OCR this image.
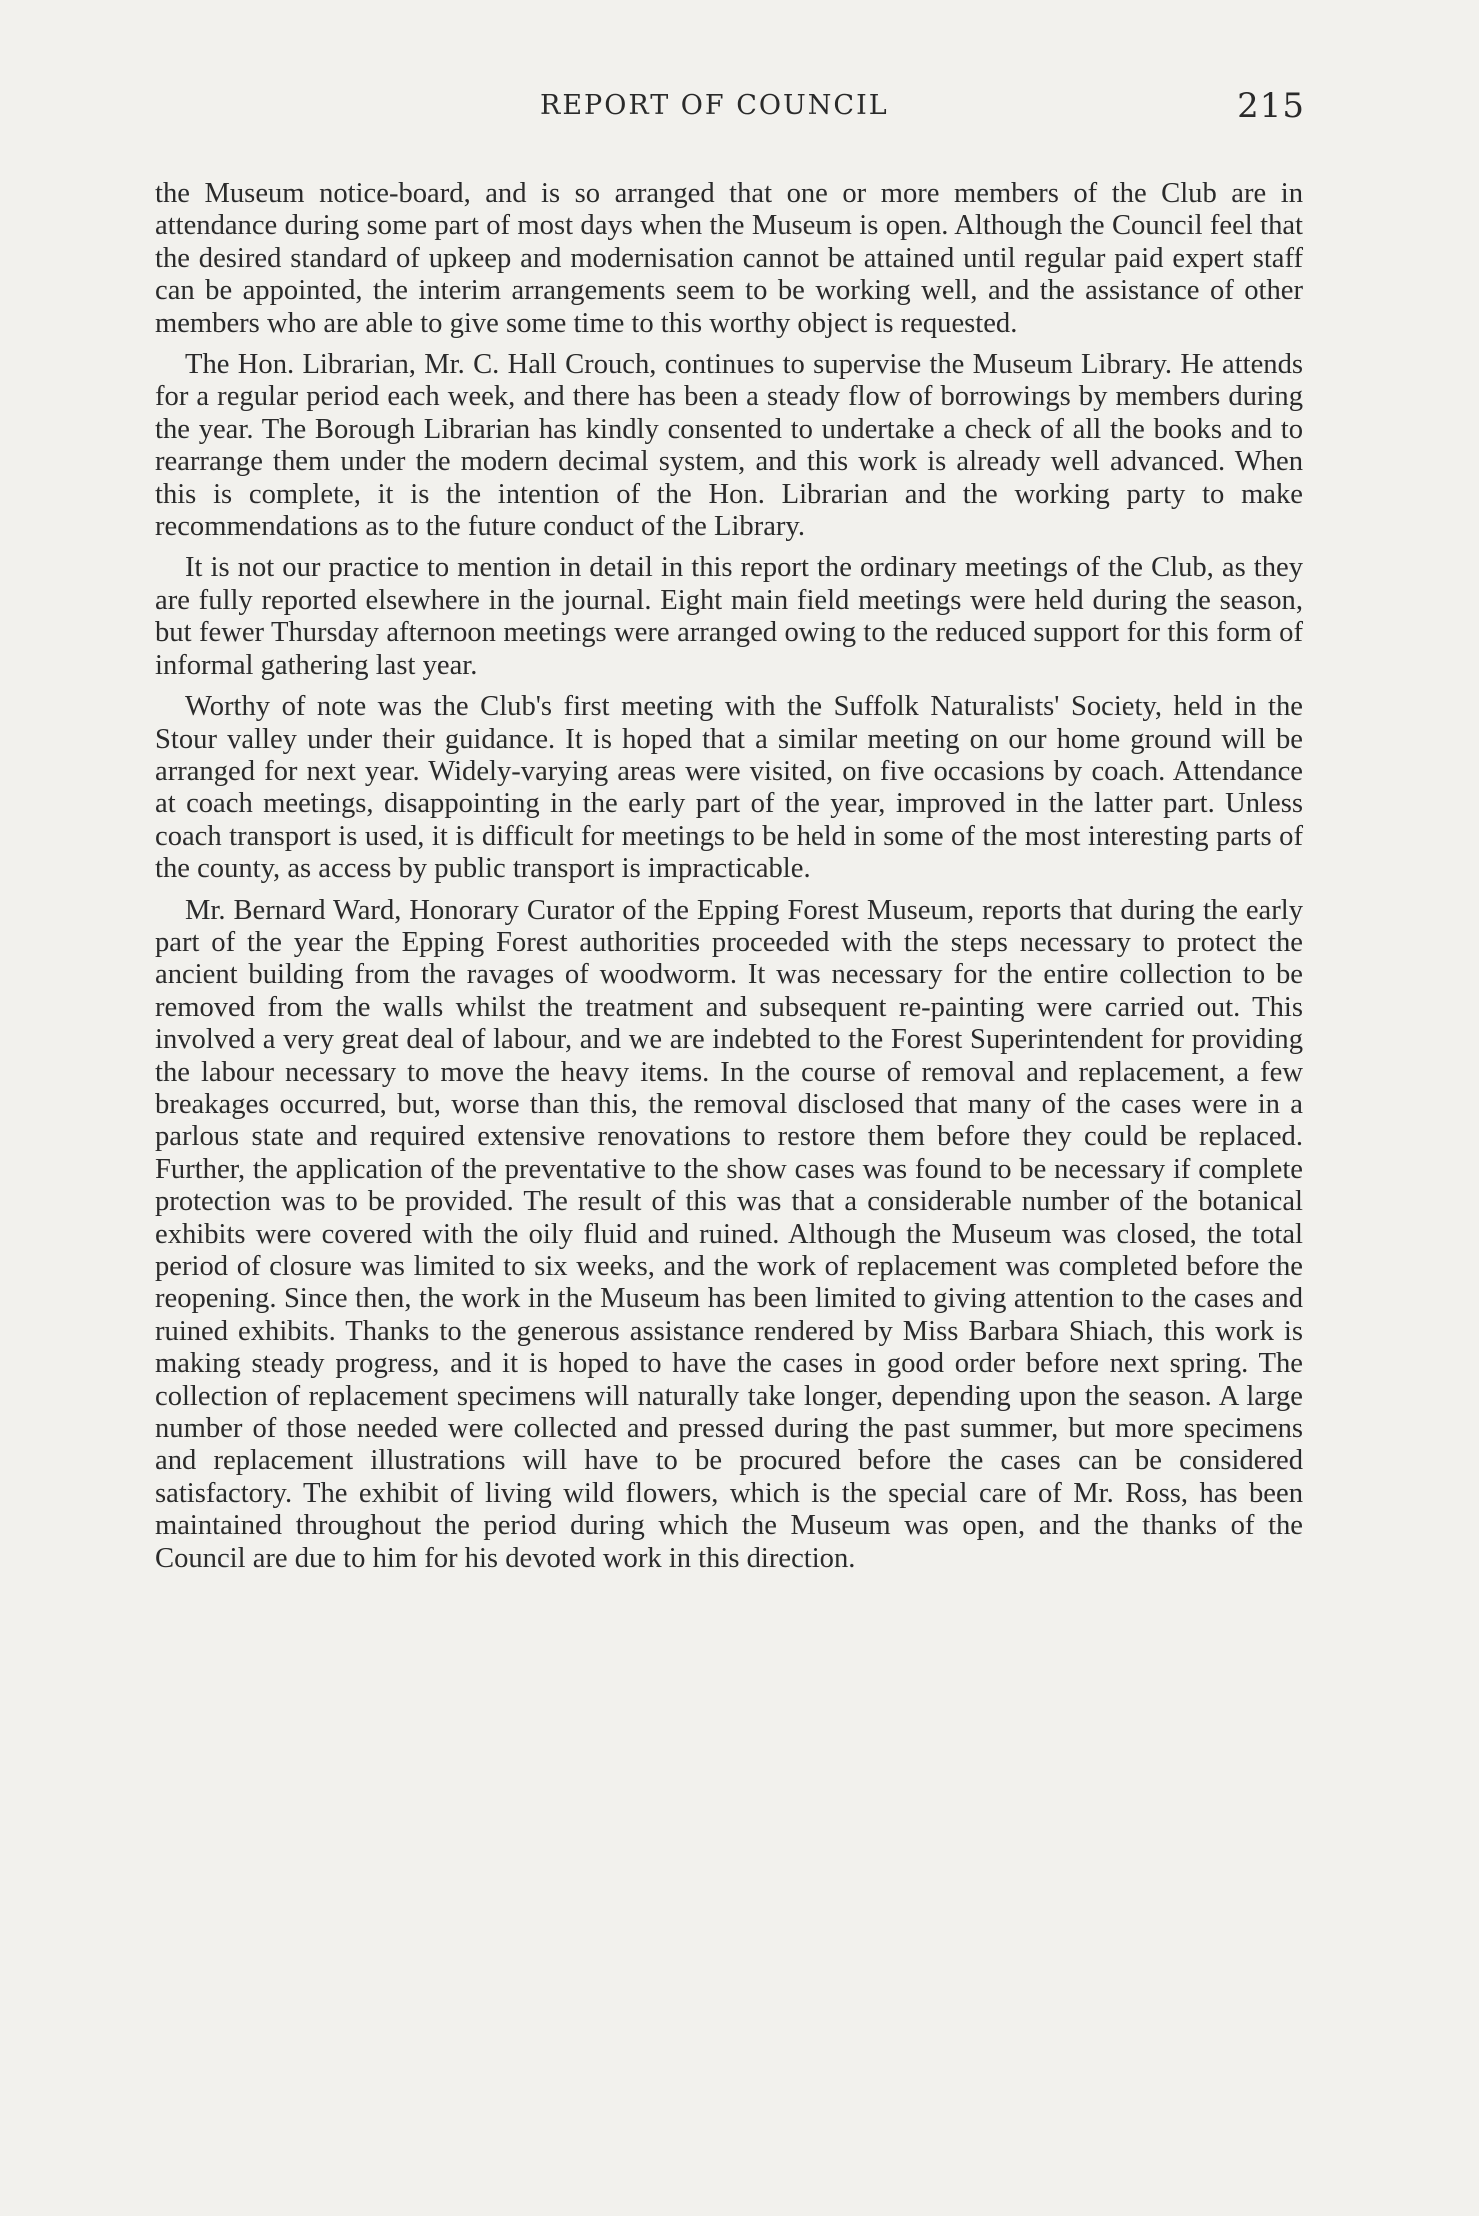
REPORT OF COUNCIL	215

the Museum notice-board, and is so arranged that one or more members of the Club are in attendance during some part of most days when the Museum is open. Although the Council feel that the desired standard of upkeep and modernisation cannot be attained until regular paid expert staff can be appointed, the interim arrangements seem to be working well, and the assistance of other members who are able to give some time to this worthy object is requested.

The Hon. Librarian, Mr. C. Hall Crouch, continues to supervise the Museum Library. He attends for a regular period each week, and there has been a steady flow of borrowings by members during the year. The Borough Librarian has kindly consented to undertake a check of all the books and to rearrange them under the modern decimal system, and this work is already well advanced. When this is complete, it is the intention of the Hon. Librarian and the working party to make recommendations as to the future conduct of the Library.

It is not our practice to mention in detail in this report the ordinary meetings of the Club, as they are fully reported elsewhere in the journal. Eight main field meetings were held during the season, but fewer Thursday afternoon meetings were arranged owing to the reduced support for this form of informal gathering last year.

Worthy of note was the Club's first meeting with the Suffolk Naturalists' Society, held in the Stour valley under their guidance. It is hoped that a similar meeting on our home ground will be arranged for next year. Widely-varying areas were visited, on five occasions by coach. Attendance at coach meetings, disappointing in the early part of the year, improved in the latter part. Unless coach transport is used, it is difficult for meetings to be held in some of the most interesting parts of the county, as access by public transport is impracticable.

Mr. Bernard Ward, Honorary Curator of the Epping Forest Museum, reports that during the early part of the year the Epping Forest authorities proceeded with the steps necessary to protect the ancient building from the ravages of woodworm. It was necessary for the entire collection to be removed from the walls whilst the treatment and subsequent re-painting were carried out. This involved a very great deal of labour, and we are indebted to the Forest Superintendent for providing the labour necessary to move the heavy items. In the course of removal and replacement, a few breakages occurred, but, worse than this, the removal disclosed that many of the cases were in a parlous state and required extensive renovations to restore them before they could be replaced. Further, the application of the preventative to the show cases was found to be necessary if complete protection was to be provided. The result of this was that a considerable number of the botanical exhibits were covered with the oily fluid and ruined. Although the Museum was closed, the total period of closure was limited to six weeks, and the work of replacement was completed before the reopening. Since then, the work in the Museum has been limited to giving attention to the cases and ruined exhibits. Thanks to the generous assistance rendered by Miss Barbara Shiach, this work is making steady progress, and it is hoped to have the cases in good order before next spring. The collection of replacement specimens will naturally take longer, depending upon the season. A large number of those needed were collected and pressed during the past summer, but more specimens and replacement illustrations will have to be procured before the cases can be considered satisfactory. The exhibit of living wild flowers, which is the special care of Mr. Ross, has been maintained throughout the period during which the Museum was open, and the thanks of the Council are due to him for his devoted work in this direction.
